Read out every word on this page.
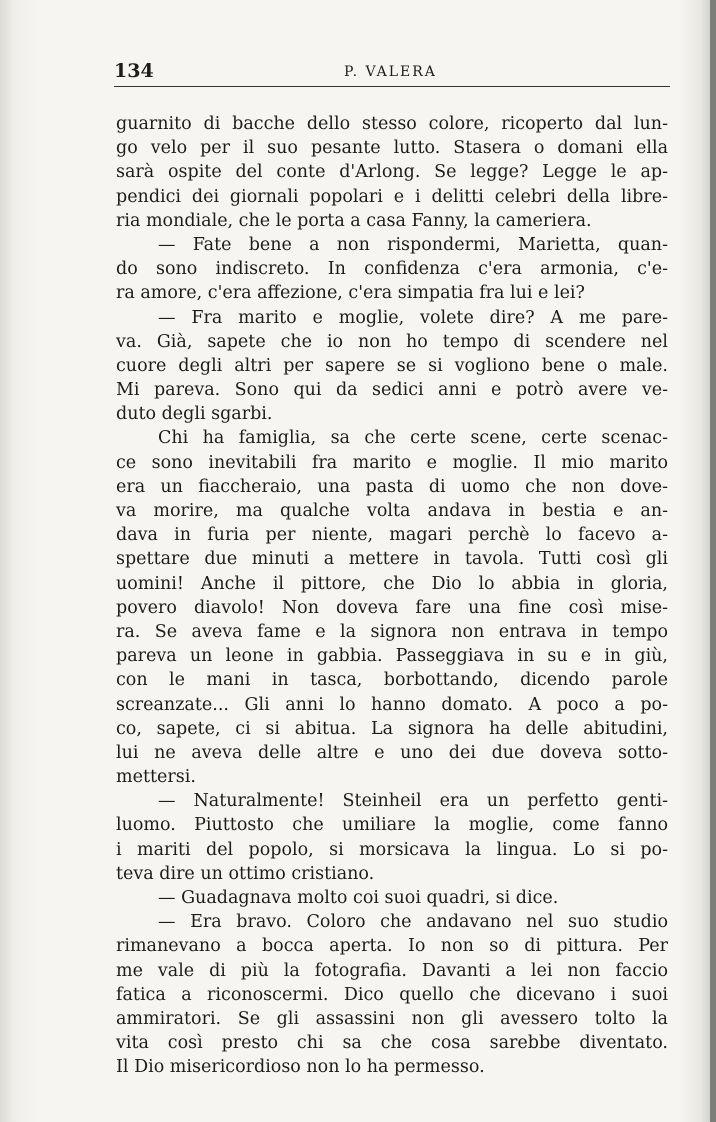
134	P. VALERA
guarnito di bacche dello stesso colore, ricoperto dal lun-
go velo per il suo pesante lutto. Stasera o domani ella
sarà ospite del conte d'Arlong. Se legge? Legge le ap-
pendici dei giornali popolari e i delitti celebri della libre-
ria mondiale, che le porta a casa Fanny, la cameriera.
— Fate bene a non rispondermi, Marietta, quan-
do sono indiscreto. In confidenza c'era armonia, c'e-
ra amore, c'era affezione, c'era simpatia fra lui e lei?
— Fra marito e moglie, volete dire? A me pare-
va. Già, sapete che io non ho tempo di scendere nel
cuore degli altri per sapere se si vogliono bene o male.
Mi pareva. Sono qui da sedici anni e potrò avere ve-
duto degli sgarbi.
Chi ha famiglia, sa che certe scene, certe scenac-
ce sono inevitabili fra marito e moglie. Il mio marito
era un fiaccheraio, una pasta di uomo che non dove-
va morire, ma qualche volta andava in bestia e an-
dava in furia per niente, magari perchè lo facevo a-
spettare due minuti a mettere in tavola. Tutti così gli
uomini! Anche il pittore, che Dio lo abbia in gloria,
povero diavolo! Non doveva fare una fine così mise-
ra. Se aveva fame e la signora non entrava in tempo
pareva un leone in gabbia. Passeggiava in su e in giù,
con le mani in tasca, borbottando, dicendo parole
screanzate... Gli anni lo hanno domato. A poco a po-
co, sapete, ci si abitua. La signora ha delle abitudini,
lui ne aveva delle altre e uno dei due doveva sotto-
mettersi.
— Naturalmente! Steinheil era un perfetto genti-
luomo. Piuttosto che umiliare la moglie, come fanno
i mariti del popolo, si morsicava la lingua. Lo si po-
teva dire un ottimo cristiano.
— Guadagnava molto coi suoi quadri, si dice.
— Era bravo. Coloro che andavano nel suo studio
rimanevano a bocca aperta. Io non so di pittura. Per
me vale di più la fotografia. Davanti a lei non faccio
fatica a riconoscermi. Dico quello che dicevano i suoi
ammiratori. Se gli assassini non gli avessero tolto la
vita così presto chi sa che cosa sarebbe diventato.
Il Dio misericordioso non lo ha permesso.
